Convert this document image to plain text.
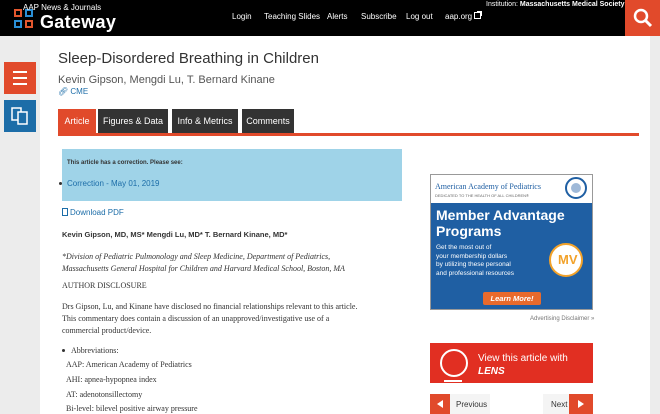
AAP News & Journals
Gateway
Institution: Massachusetts Medical Society
Login Teaching Slides Alerts Subscribe Log out aap.org
Sleep-Disordered Breathing in Children
Kevin Gipson, Mengdi Lu, T. Bernard Kinane
🔗︎ CME
Article	Figures & Data	Info & Metrics	Comments
This article has a correction. Please see:
Correction - May 01, 2019
Download PDF
Kevin Gipson, MD, MS* Mengdi Lu, MD* T. Bernard Kinane, MD*
*Division of Pediatric Pulmonology and Sleep Medicine, Department of Pediatrics,
Massachusetts General Hospital for Children and Harvard Medical School, Boston, MA
AUTHOR DISCLOSURE
Drs Gipson, Lu, and Kinane have disclosed no financial relationships relevant to this article.
This commentary does contain a discussion of an unapproved/investigative use of a
commercial product/device.
Abbreviations:
AAP: American Academy of Pediatrics
AHI: apnea-hypopnea index
AT: adenotonsillectomy
Bi-level: bilevel positive airway pressure
American Academy of Pediatrics
DEDICATED TO THE HEALTH OF ALL CHILDREN®
Member Advantage
Programs
Get the most out of
your membership dollars
by utilizing these personal
and professional resources
MV
Learn More!
Advertising Disclaimer »
View this article with
LENS
Previous	Next
